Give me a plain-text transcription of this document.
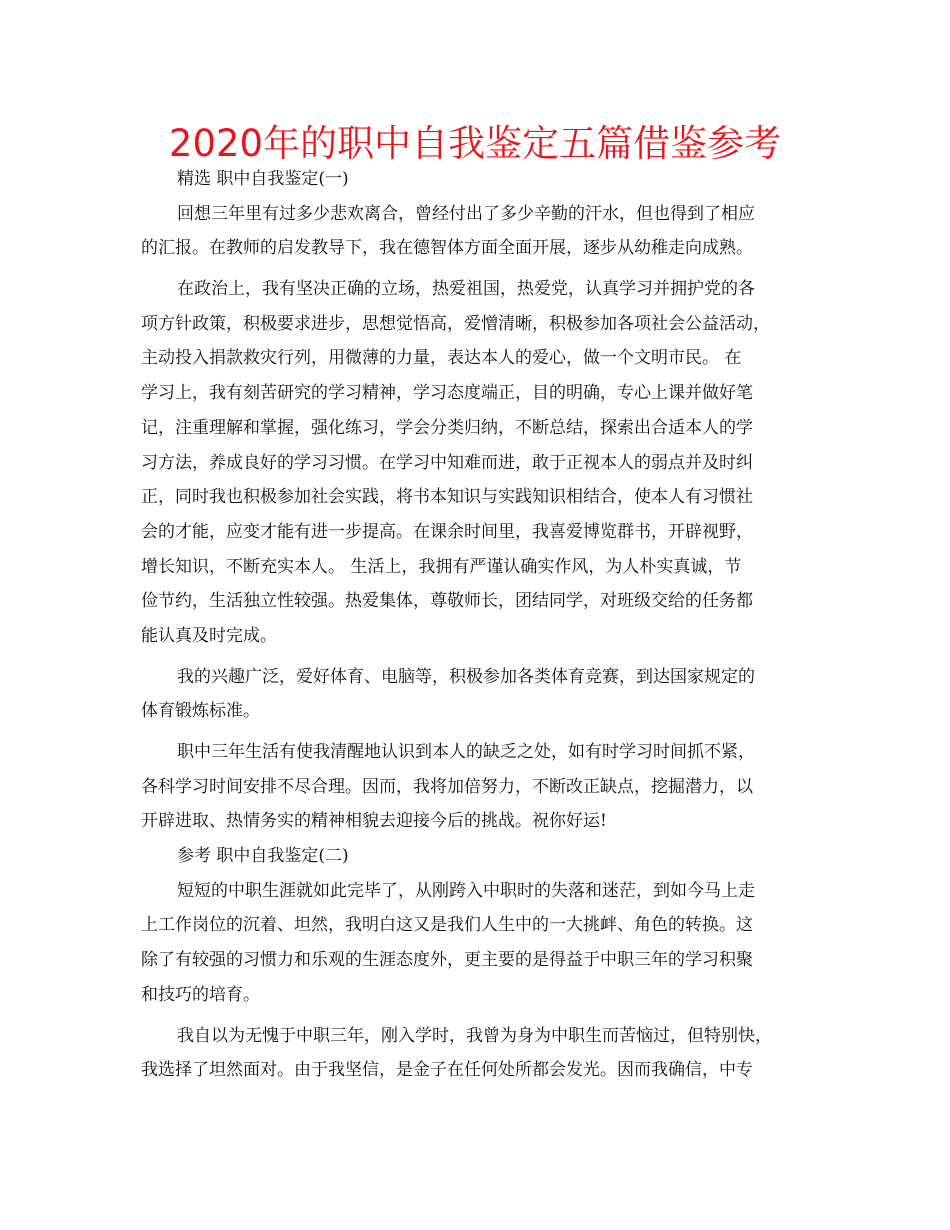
2020年的职中自我鉴定五篇借鉴参考
精选 职中自我鉴定(一)
回想三年里有过多少悲欢离合，曾经付出了多少辛勤的汗水，但也得到了相应
的汇报。在教师的启发教导下，我在德智体方面全面开展，逐步从幼稚走向成熟。
在政治上，我有坚决正确的立场，热爱祖国，热爱党，认真学习并拥护党的各
项方针政策，积极要求进步，思想觉悟高，爱憎清晰，积极参加各项社会公益活动，
主动投入捐款救灾行列，用微薄的力量，表达本人的爱心，做一个文明市民。 在
学习上，我有刻苦研究的学习精神，学习态度端正，目的明确，专心上课并做好笔
记，注重理解和掌握，强化练习，学会分类归纳，不断总结，探索出合适本人的学
习方法，养成良好的学习习惯。在学习中知难而进，敢于正视本人的弱点并及时纠
正，同时我也积极参加社会实践，将书本知识与实践知识相结合，使本人有习惯社
会的才能，应变才能有进一步提高。在课余时间里，我喜爱博览群书，开辟视野，
增长知识，不断充实本人。 生活上，我拥有严谨认确实作风，为人朴实真诚，节
俭节约，生活独立性较强。热爱集体，尊敬师长，团结同学，对班级交给的任务都
能认真及时完成。
我的兴趣广泛，爱好体育、电脑等，积极参加各类体育竞赛，到达国家规定的
体育锻炼标准。
职中三年生活有使我清醒地认识到本人的缺乏之处，如有时学习时间抓不紧，
各科学习时间安排不尽合理。因而，我将加倍努力，不断改正缺点，挖掘潜力，以
开辟进取、热情务实的精神相貌去迎接今后的挑战。祝你好运!
参考 职中自我鉴定(二)
短短的中职生涯就如此完毕了，从刚跨入中职时的失落和迷茫，到如今马上走
上工作岗位的沉着、坦然，我明白这又是我们人生中的一大挑衅、角色的转换。这
除了有较强的习惯力和乐观的生涯态度外，更主要的是得益于中职三年的学习积聚
和技巧的培育。
我自以为无愧于中职三年，刚入学时，我曾为身为中职生而苦恼过，但特别快，
我选择了坦然面对。由于我坚信，是金子在任何处所都会发光。因而我确信，中专
